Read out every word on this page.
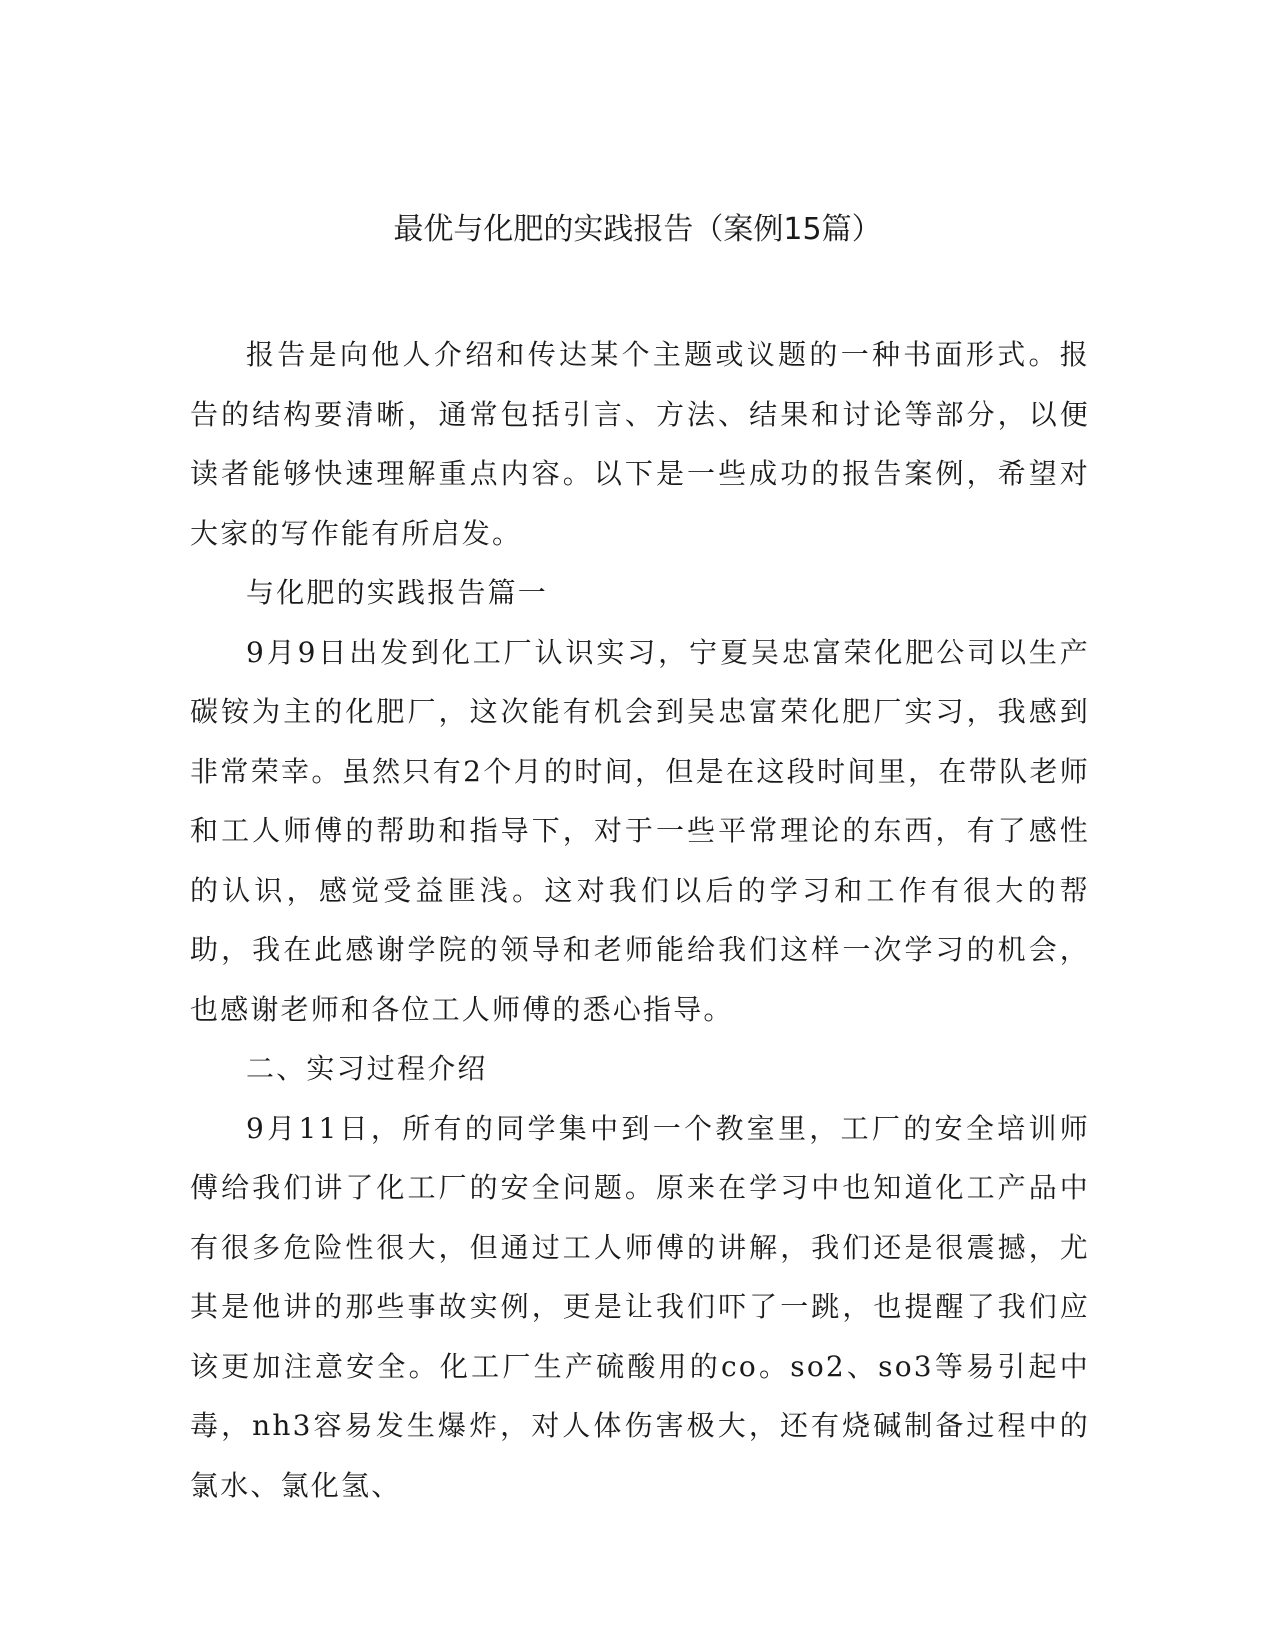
最优与化肥的实践报告（案例15篇）

报告是向他人介绍和传达某个主题或议题的一种书面形式。报告的结构要清晰，通常包括引言、方法、结果和讨论等部分，以便读者能够快速理解重点内容。以下是一些成功的报告案例，希望对大家的写作能有所启发。

与化肥的实践报告篇一

9月9日出发到化工厂认识实习，宁夏吴忠富荣化肥公司以生产碳铵为主的化肥厂，这次能有机会到吴忠富荣化肥厂实习，我感到非常荣幸。虽然只有2个月的时间，但是在这段时间里，在带队老师和工人师傅的帮助和指导下，对于一些平常理论的东西，有了感性的认识，感觉受益匪浅。这对我们以后的学习和工作有很大的帮助，我在此感谢学院的领导和老师能给我们这样一次学习的机会，也感谢老师和各位工人师傅的悉心指导。

二、实习过程介绍

9月11日，所有的同学集中到一个教室里，工厂的安全培训师傅给我们讲了化工厂的安全问题。原来在学习中也知道化工产品中有很多危险性很大，但通过工人师傅的讲解，我们还是很震撼，尤其是他讲的那些事故实例，更是让我们吓了一跳，也提醒了我们应该更加注意安全。化工厂生产硫酸用的co。so2、so3等易引起中毒，nh3容易发生爆炸，对人体伤害极大，还有烧碱制备过程中的氯水、氯化氢、
